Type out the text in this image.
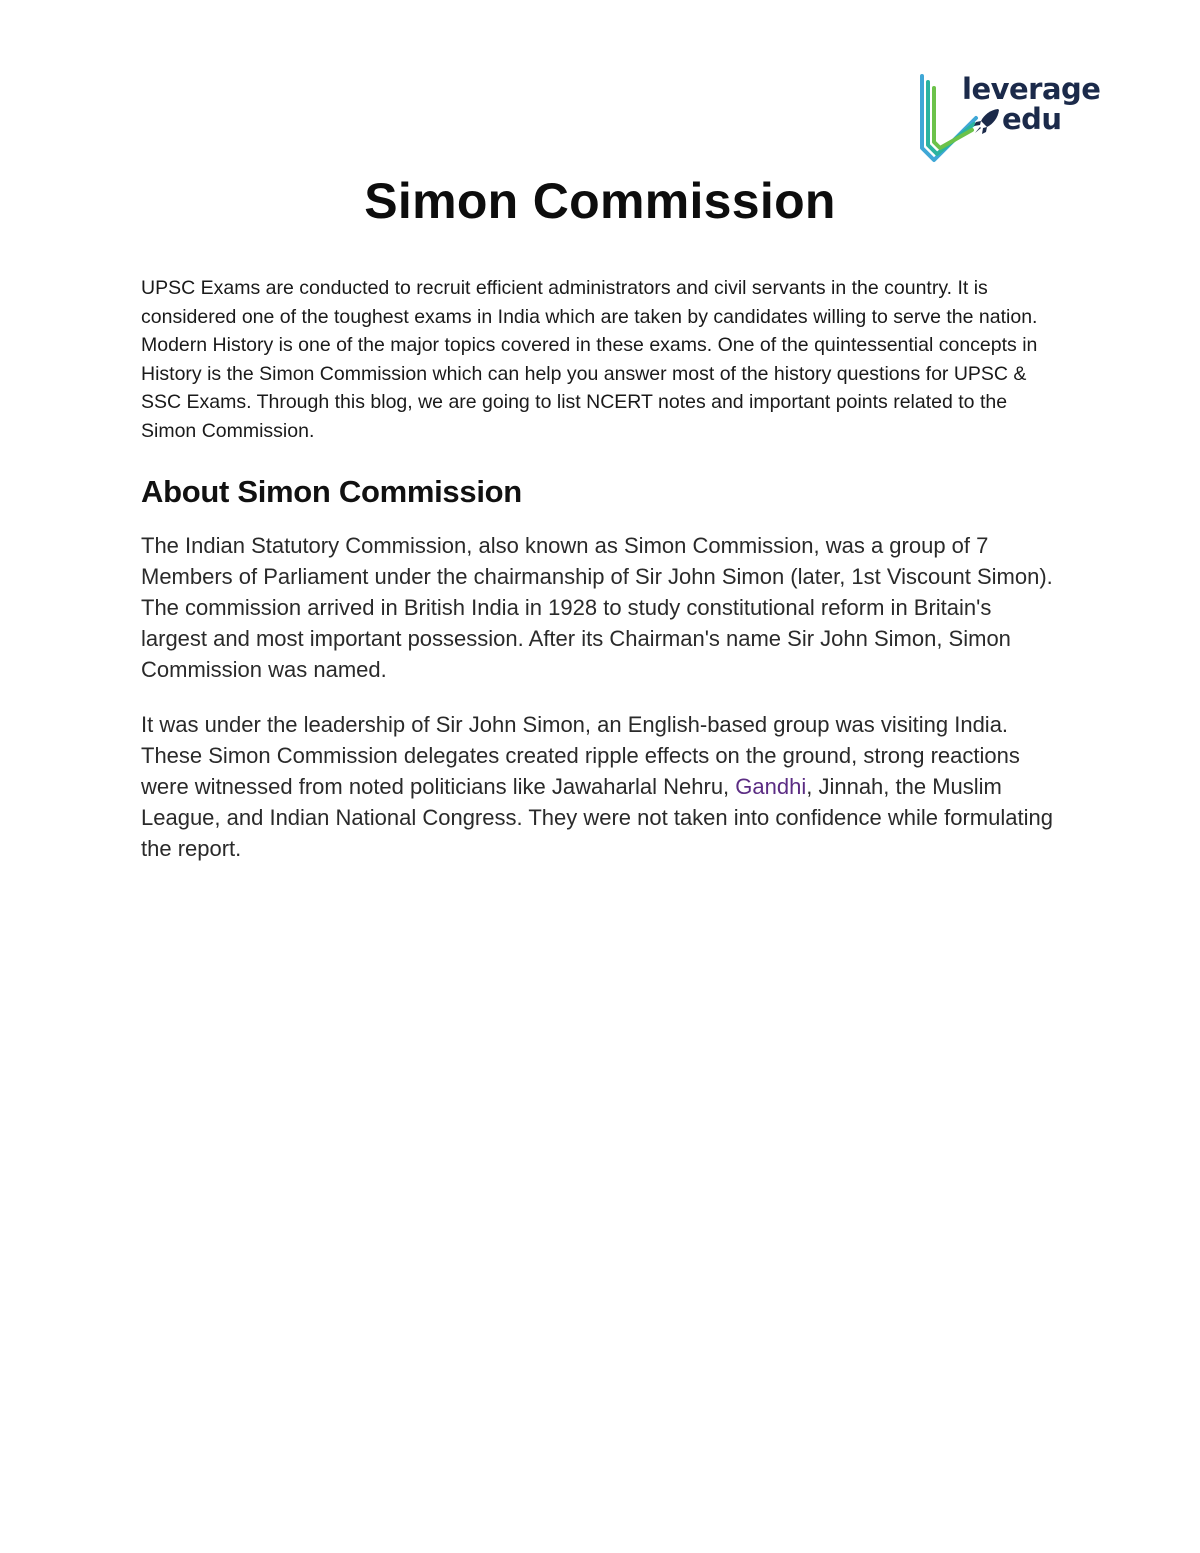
leverage
edu
Simon Commission

UPSC Exams are conducted to recruit efficient administrators and civil servants in the country. It is considered one of the toughest exams in India which are taken by candidates willing to serve the nation. Modern History is one of the major topics covered in these exams. One of the quintessential concepts in History is the Simon Commission which can help you answer most of the history questions for UPSC & SSC Exams. Through this blog, we are going to list NCERT notes and important points related to the Simon Commission.

About Simon Commission

The Indian Statutory Commission, also known as Simon Commission, was a group of 7 Members of Parliament under the chairmanship of Sir John Simon (later, 1st Viscount Simon). The commission arrived in British India in 1928 to study constitutional reform in Britain's largest and most important possession. After its Chairman's name Sir John Simon, Simon Commission was named.

It was under the leadership of Sir John Simon, an English-based group was visiting India. These Simon Commission delegates created ripple effects on the ground, strong reactions were witnessed from noted politicians like Jawaharlal Nehru, Gandhi, Jinnah, the Muslim League, and Indian National Congress. They were not taken into confidence while formulating the report.
